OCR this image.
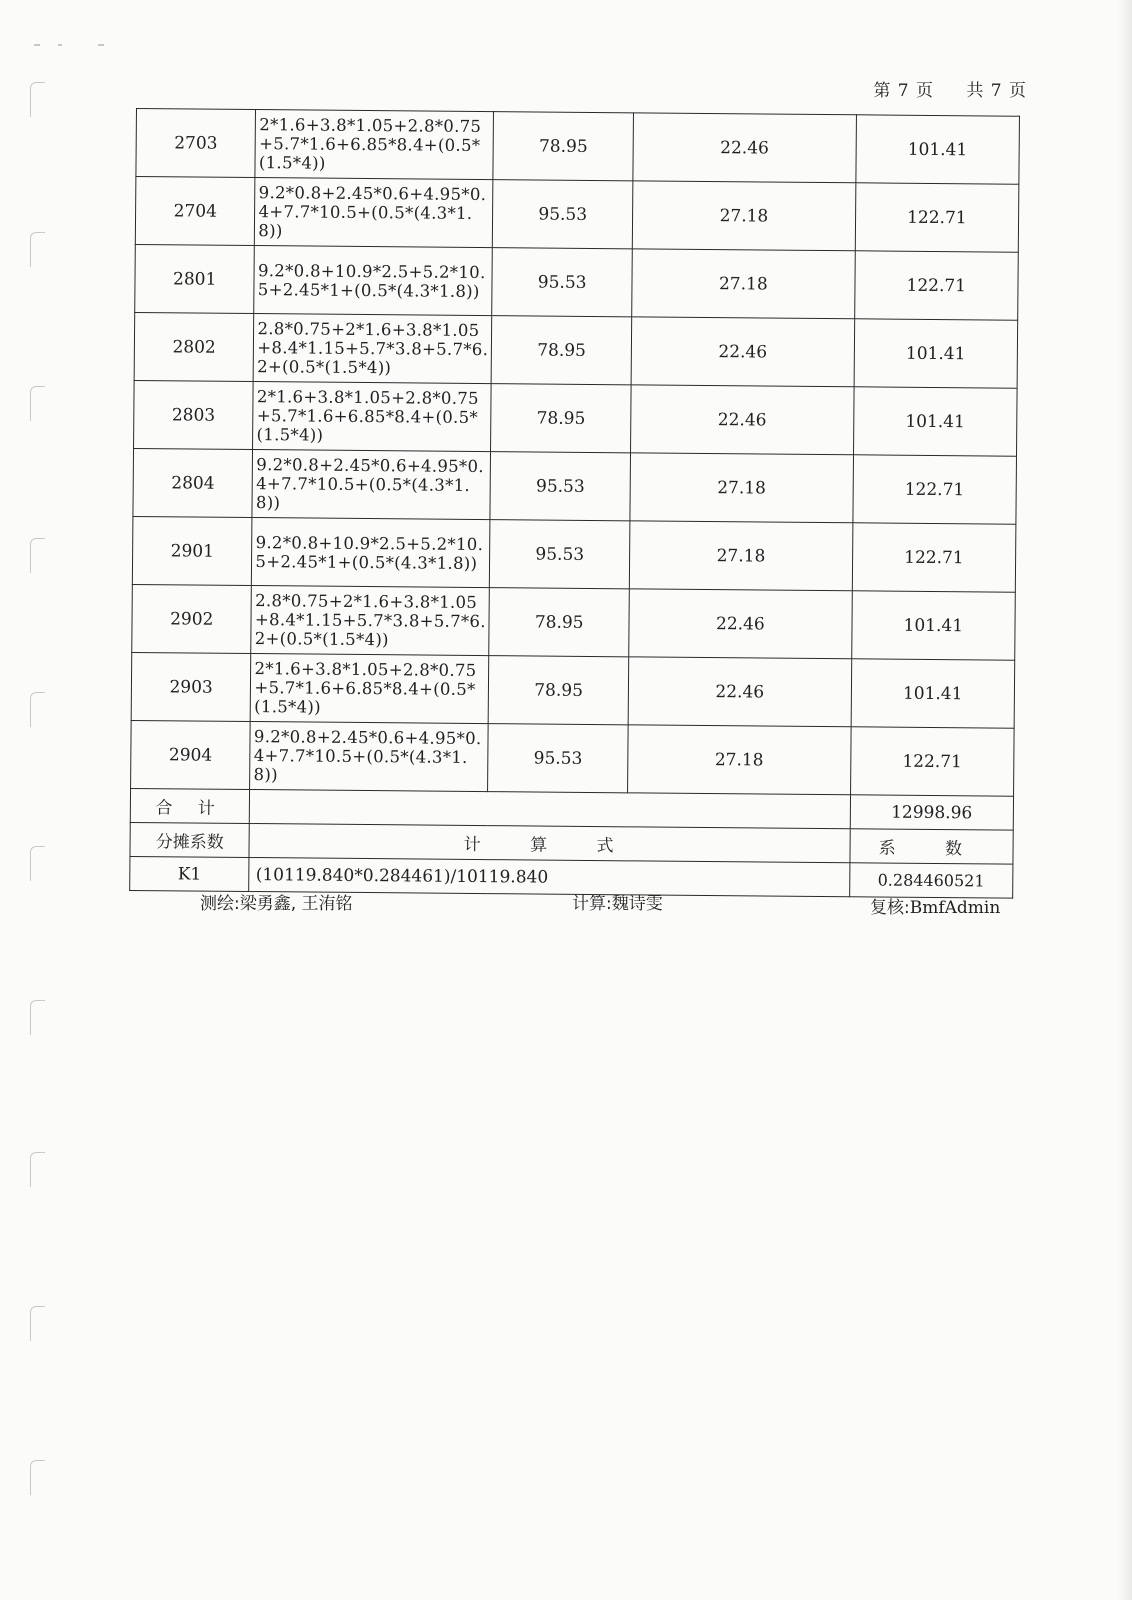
第 7 页 共 7 页
2703	2*1.6+3.8*1.05+2.8*0.75+5.7*1.6+6.85*8.4+(0.5*(1.5*4))	78.95	22.46	101.41
2704	9.2*0.8+2.45*0.6+4.95*0.4+7.7*10.5+(0.5*(4.3*1.8))	95.53	27.18	122.71
2801	9.2*0.8+10.9*2.5+5.2*10.5+2.45*1+(0.5*(4.3*1.8))	95.53	27.18	122.71
2802	2.8*0.75+2*1.6+3.8*1.05+8.4*1.15+5.7*3.8+5.7*6.2+(0.5*(1.5*4))	78.95	22.46	101.41
2803	2*1.6+3.8*1.05+2.8*0.75+5.7*1.6+6.85*8.4+(0.5*(1.5*4))	78.95	22.46	101.41
2804	9.2*0.8+2.45*0.6+4.95*0.4+7.7*10.5+(0.5*(4.3*1.8))	95.53	27.18	122.71
2901	9.2*0.8+10.9*2.5+5.2*10.5+2.45*1+(0.5*(4.3*1.8))	95.53	27.18	122.71
2902	2.8*0.75+2*1.6+3.8*1.05+8.4*1.15+5.7*3.8+5.7*6.2+(0.5*(1.5*4))	78.95	22.46	101.41
2903	2*1.6+3.8*1.05+2.8*0.75+5.7*1.6+6.85*8.4+(0.5*(1.5*4))	78.95	22.46	101.41
2904	9.2*0.8+2.45*0.6+4.95*0.4+7.7*10.5+(0.5*(4.3*1.8))	95.53	27.18	122.71
合 计				12998.96
分摊系数	计 算 式			系 数
K1	(10119.840*0.284461)/10119.840			0.284460521
测绘:梁勇鑫, 王洧铭	计算:魏诗雯	复核:BmfAdmin
